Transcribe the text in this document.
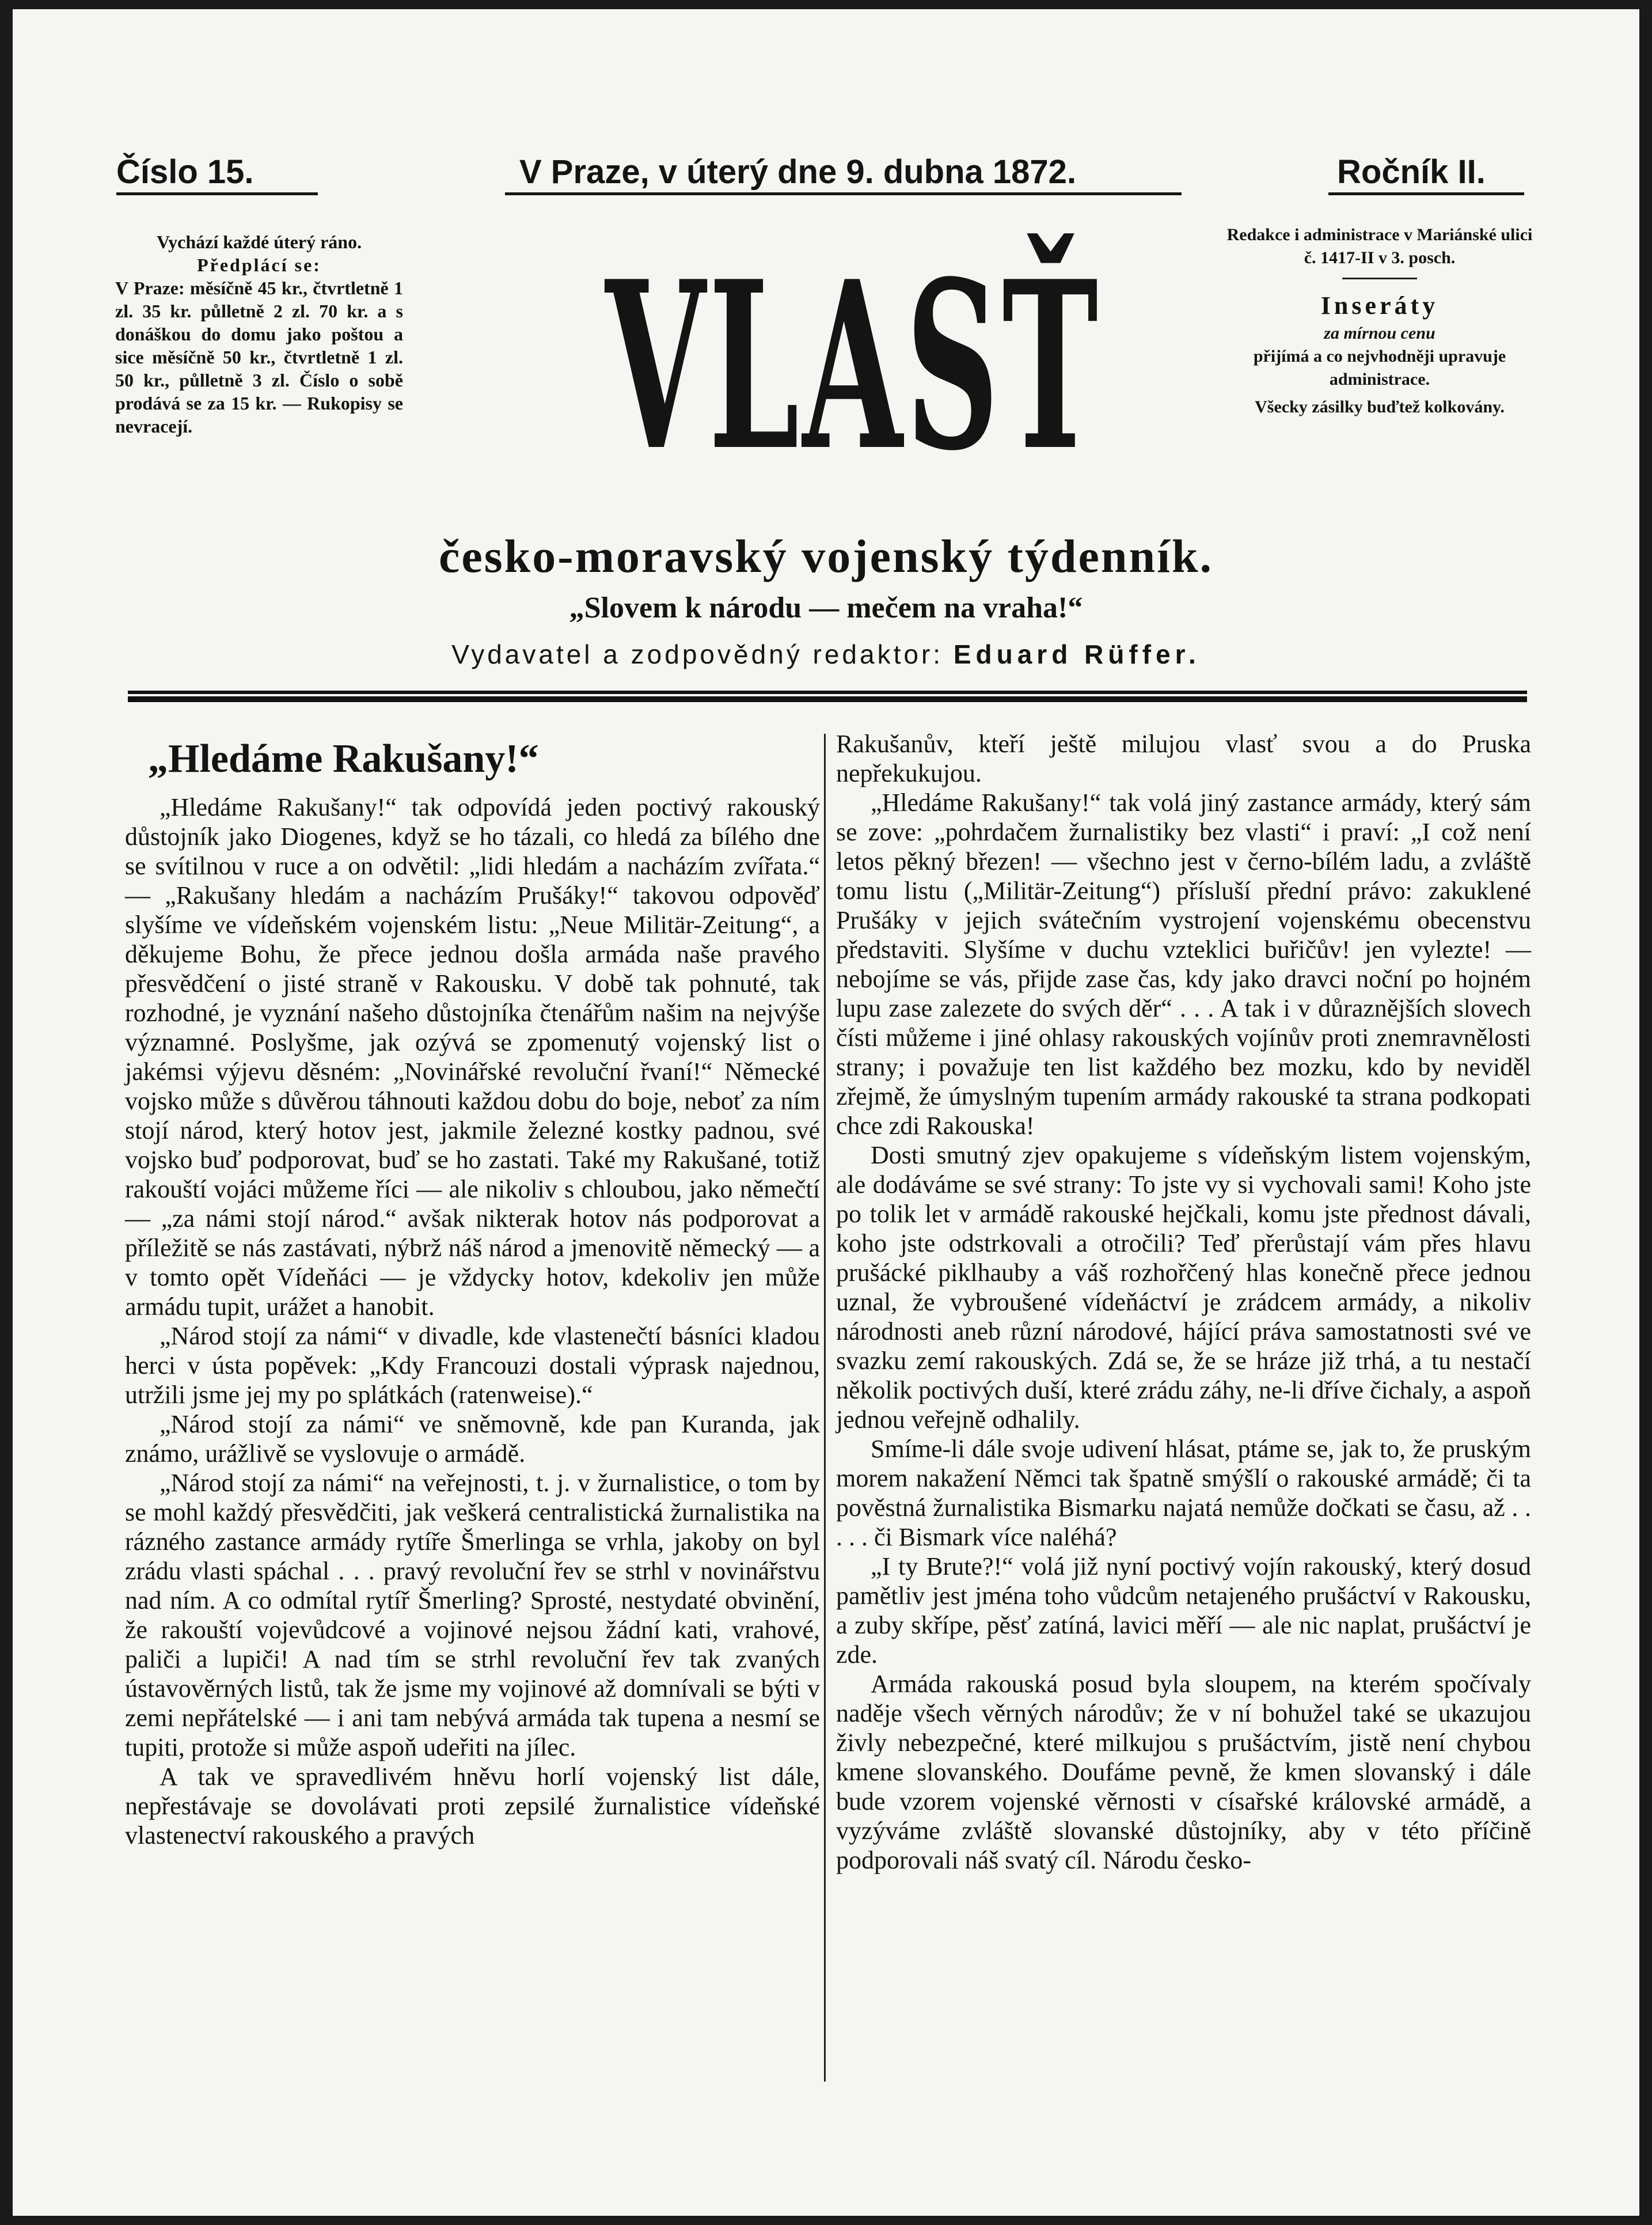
Číslo 15.	V Praze, v úterý dne 9. dubna 1872.	Ročník II.

Vychází každé úterý ráno.

Předplácí se:

V Praze: měsíčně 45 kr., čtvrtletně 1 zl. 35 kr. půlletně 2 zl. 70 kr. a s donáškou do domu jako poštou a sice měsíčně 50 kr., čtvrtletně 1 zl. 50 kr., půlletně 3 zl. Číslo o sobě prodává se za 15 kr. — Rukopisy se nevracejí.	VLASŤ	Redakce i administrace v Mariánské ulici č. 1417-II v 3. posch.

Inseráty

za mírnou cenu

přijímá a co nejvhodněji upravuje administrace.

Všecky zásilky buďtež kolkovány.

česko-moravský vojenský týdenník.
„Slovem k národu — mečem na vraha!“
Vydavatel a zodpovědný redaktor: Eduard Rüffer.
„Hledáme Rakušany!“

„Hledáme Rakušany!“ tak odpovídá jeden poctivý rakouský důstojník jako Diogenes, když se ho tázali, co hledá za bílého dne se svítilnou v ruce a on odvětil: „lidi hledám a nacházím zvířata.“ — „Rakušany hledám a nacházím Prušáky!“ takovou odpověď slyšíme ve vídeňském vojenském listu: „Neue Militär-Zeitung“, a děkujeme Bohu, že přece jednou došla armáda naše pravého přesvědčení o jisté straně v Rakousku. V době tak pohnuté, tak rozhodné, je vyznání našeho důstojníka čtenářům našim na nejvýše významné. Poslyšme, jak ozývá se zpomenutý vojenský list o jakémsi výjevu děsném: „Novinářské revoluční řvaní!“ Německé vojsko může s důvěrou táhnouti každou dobu do boje, neboť za ním stojí národ, který hotov jest, jakmile železné kostky padnou, své vojsko buď podporovat, buď se ho zastati. Také my Rakušané, totiž rakouští vojáci můžeme říci — ale nikoliv s chloubou, jako němečtí — „za námi stojí národ.“ avšak nikterak hotov nás podporovat a příležitě se nás zastávati, nýbrž náš národ a jmenovitě německý — a v tomto opět Vídeňáci — je vždycky hotov, kdekoliv jen může armádu tupit, urážet a hanobit.

„Národ stojí za námi“ v divadle, kde vlastenečtí básníci kladou herci v ústa popěvek: „Kdy Francouzi dostali výprask najednou, utržili jsme jej my po splátkách (ratenweise).“

„Národ stojí za námi“ ve sněmovně, kde pan Kuranda, jak známo, urážlivě se vyslovuje o armádě.

„Národ stojí za námi“ na veřejnosti, t. j. v žurnalistice, o tom by se mohl každý přesvědčiti, jak veškerá centralistická žurnalistika na rázného zastance armády rytíře Šmerlinga se vrhla, jakoby on byl zrádu vlasti spáchal . . . pravý revoluční řev se strhl v novinářstvu nad ním. A co odmítal rytíř Šmerling? Sprosté, nestydaté obvinění, že rakouští vojevůdcové a vojinové nejsou žádní kati, vrahové, paliči a lupiči! A nad tím se strhl revoluční řev tak zvaných ústavověrných listů, tak že jsme my vojinové až domnívali se býti v zemi nepřátelské — i ani tam nebývá armáda tak tupena a nesmí se tupiti, protože si může aspoň udeřiti na jílec.

A tak ve spravedlivém hněvu horlí vojenský list dále, nepřestávaje se dovolávati proti zepsilé žurnalistice vídeňské vlastenectví rakouského a pravých

Rakušanův, kteří ještě milujou vlasť svou a do Pruska nepřekukujou.

„Hledáme Rakušany!“ tak volá jiný zastance armády, který sám se zove: „pohrdačem žurnalistiky bez vlasti“ i praví: „I což není letos pěkný březen! — všechno jest v černo-bílém ladu, a zvláště tomu listu („Militär-Zeitung“) přísluší přední právo: zakuklené Prušáky v jejich svátečním vystrojení vojenskému obecenstvu představiti. Slyšíme v duchu vzteklici buřičův! jen vylezte! — nebojíme se vás, přijde zase čas, kdy jako dravci noční po hojném lupu zase zalezete do svých děr“ . . . A tak i v důraznějších slovech čísti můžeme i jiné ohlasy rakouských vojínův proti znemravnělosti strany; i považuje ten list každého bez mozku, kdo by neviděl zřejmě, že úmyslným tupením armády rakouské ta strana podkopati chce zdi Rakouska!

Dosti smutný zjev opakujeme s vídeňským listem vojenským, ale dodáváme se své strany: To jste vy si vychovali sami! Koho jste po tolik let v armádě rakouské hejčkali, komu jste přednost dávali, koho jste odstrkovali a otročili? Teď přerůstají vám přes hlavu prušácké piklhauby a váš rozhořčený hlas konečně přece jednou uznal, že vybroušené vídeňáctví je zrádcem armády, a nikoliv národnosti aneb různí národové, hájící práva samostatnosti své ve svazku zemí rakouských. Zdá se, že se hráze již trhá, a tu nestačí několik poctivých duší, které zrádu záhy, ne-li dříve čichaly, a aspoň jednou veřejně odhalily.

Smíme-li dále svoje udivení hlásat, ptáme se, jak to, že pruským morem nakažení Němci tak špatně smýšlí o rakouské armádě; či ta pověstná žurnalistika Bismarku najatá nemůže dočkati se času, až . . . . . či Bismark více naléhá?

„I ty Brute?!“ volá již nyní poctivý vojín rakouský, který dosud pamětliv jest jména toho vůdcům netajeného prušáctví v Rakousku, a zuby skřípe, pěsť zatíná, lavici měří — ale nic naplat, prušáctví je zde.

Armáda rakouská posud byla sloupem, na kterém spočívaly naděje všech věrných národův; že v ní bohužel také se ukazujou živly nebezpečné, které milkujou s prušáctvím, jistě není chybou kmene slovanského. Doufáme pevně, že kmen slovanský i dále bude vzorem vojenské věrnosti v císařské královské armádě, a vyzýváme zvláště slovanské důstojníky, aby v této příčině podporovali náš svatý cíl. Národu česko-
